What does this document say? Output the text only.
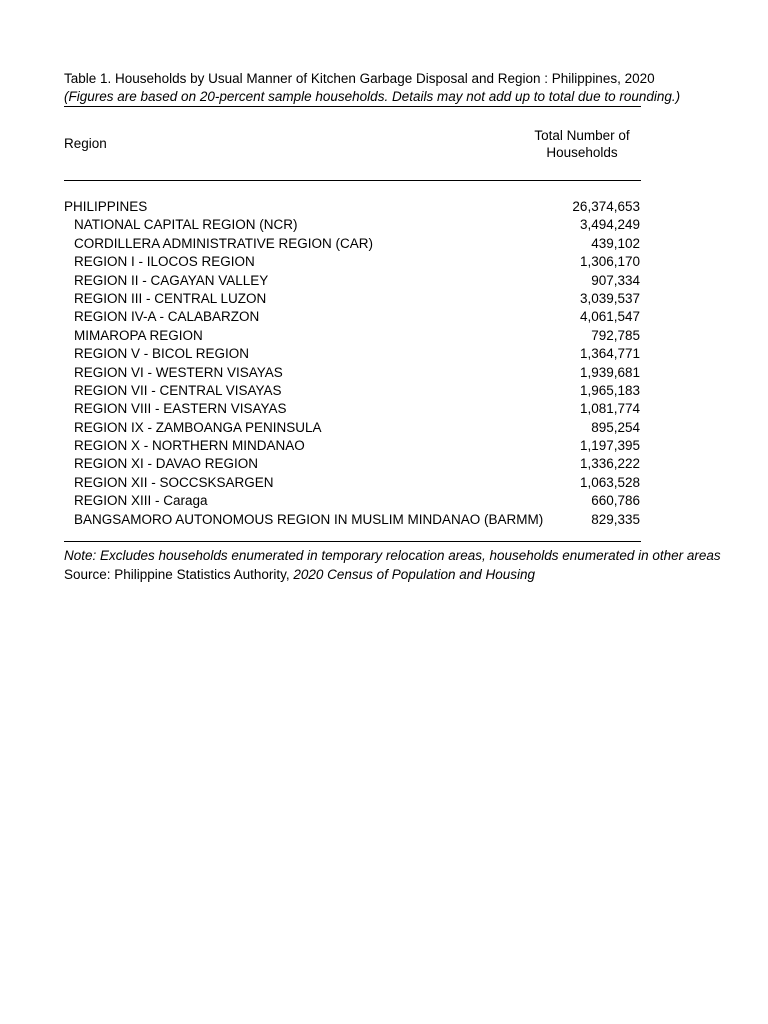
Table 1. Households by Usual Manner of Kitchen Garbage Disposal and Region : Philippines, 2020
(Figures are based on 20-percent sample households. Details may not add up to total due to rounding.)
Region
Total Number of
Households
PHILIPPINES	26,374,653
NATIONAL CAPITAL REGION (NCR)	3,494,249
CORDILLERA ADMINISTRATIVE REGION (CAR)	439,102
REGION I - ILOCOS REGION	1,306,170
REGION II - CAGAYAN VALLEY	907,334
REGION III - CENTRAL LUZON	3,039,537
REGION IV-A - CALABARZON	4,061,547
MIMAROPA REGION	792,785
REGION V - BICOL REGION	1,364,771
REGION VI - WESTERN VISAYAS	1,939,681
REGION VII - CENTRAL VISAYAS	1,965,183
REGION VIII - EASTERN VISAYAS	1,081,774
REGION IX - ZAMBOANGA PENINSULA	895,254
REGION X - NORTHERN MINDANAO	1,197,395
REGION XI - DAVAO REGION	1,336,222
REGION XII - SOCCSKSARGEN	1,063,528
REGION XIII - Caraga	660,786
BANGSAMORO AUTONOMOUS REGION IN MUSLIM MINDANAO (BARMM)	829,335
Note: Excludes households enumerated in temporary relocation areas, households enumerated in other areas
Source: Philippine Statistics Authority, 2020 Census of Population and Housing
